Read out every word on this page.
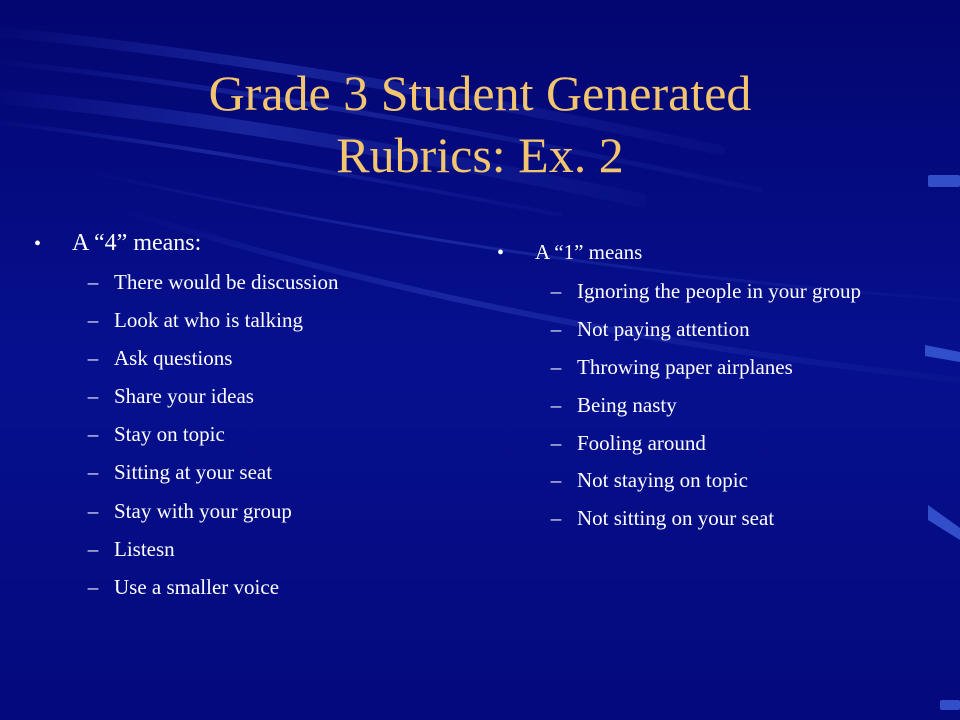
Grade 3 Student Generated
Rubrics: Ex. 2
•	A “4” means:
– There would be discussion
– Look at who is talking
– Ask questions
– Share your ideas
– Stay on topic
– Sitting at your seat
– Stay with your group
– Listesn
– Use a smaller voice
•	A “1” means
– Ignoring the people in your group
– Not paying attention
– Throwing paper airplanes
– Being nasty
– Fooling around
– Not staying on topic
– Not sitting on your seat
